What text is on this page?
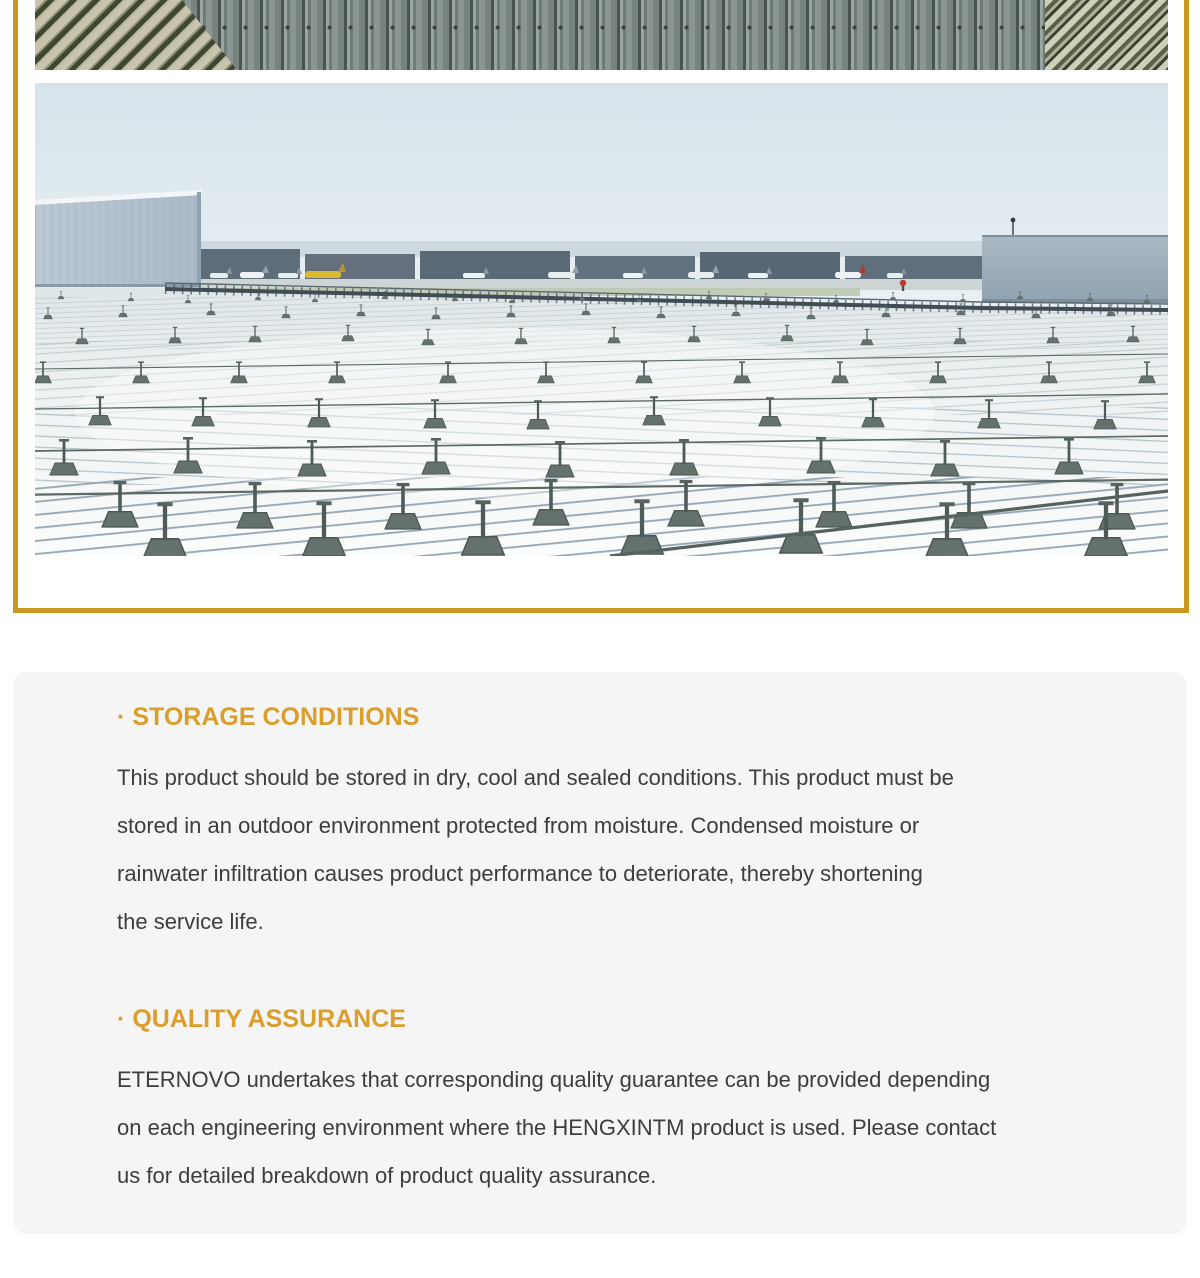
· STORAGE CONDITIONS
This product should be stored in dry, cool and sealed conditions. This product must be
stored in an outdoor environment protected from moisture. Condensed moisture or
rainwater infiltration causes product performance to deteriorate, thereby shortening
the service life.
· QUALITY ASSURANCE
ETERNOVO undertakes that corresponding quality guarantee can be provided depending
on each engineering environment where the HENGXINTM product is used. Please contact
us for detailed breakdown of product quality assurance.
